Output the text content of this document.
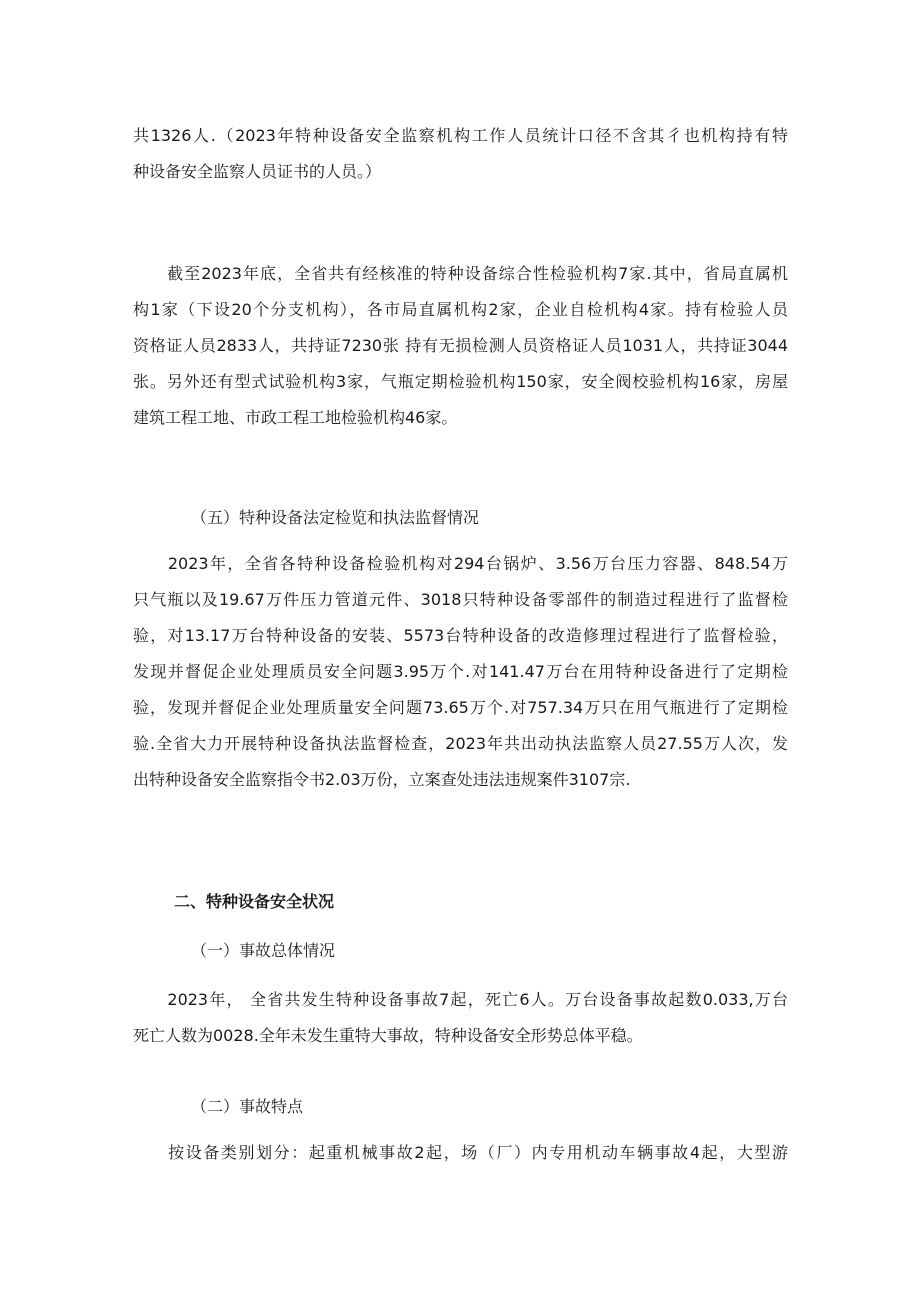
共1326人.（2023年特种设备安全监察机构工作人员统计口径不含其彳也机构持有特
种设备安全监察人员证书的人员。）
　　截至2023年底，全省共有经核准的特种设备综合性检验机构7家.其中，省局直属机
构1家（下设20个分支机构），各市局直属机构2家，企业自检机构4家。持有检验人员
资格证人员2833人，共持证7230张 持有无损检测人员资格证人员1031人，共持证3044
张。另外还有型式试验机构3家，气瓶定期检验机构150家，安全阀校验机构16家，房屋
建筑工程工地、市政工程工地检验机构46家。
（五）特种设备法定检览和执法监督情况
　　2023年，全省各特种设备检验机构对294台锅炉、3.56万台压力容器、848.54万
只气瓶以及19.67万件压力管道元件、3018只特种设备零部件的制造过程进行了监督检
验，对13.17万台特种设备的安装、5573台特种设备的改造修理过程进行了监督检验，
发现并督促企业处理质员安全问题3.95万个.对141.47万台在用特种设备进行了定期检
验，发现并督促企业处理质量安全问题73.65万个.对757.34万只在用气瓶进行了定期检
验.全省大力开展特种设备执法监督检查，2023年共出动执法监察人员27.55万人次，发
出特种设备安全监察指令书2.03万份，立案查处违法违规案件3107宗.
二、特种设备安全状况
（一）事故总体情况
　　2023年， 全省共发生特种设备事故7起，死亡6人。万台设备事故起数0.033,万台
死亡人数为0028.全年未发生重特大事故，特种设备安全形势总体平稳。
（二）事故特点
　　按设备类别划分：起重机械事故2起，场（厂）内专用机动车辆事故4起，大型游
